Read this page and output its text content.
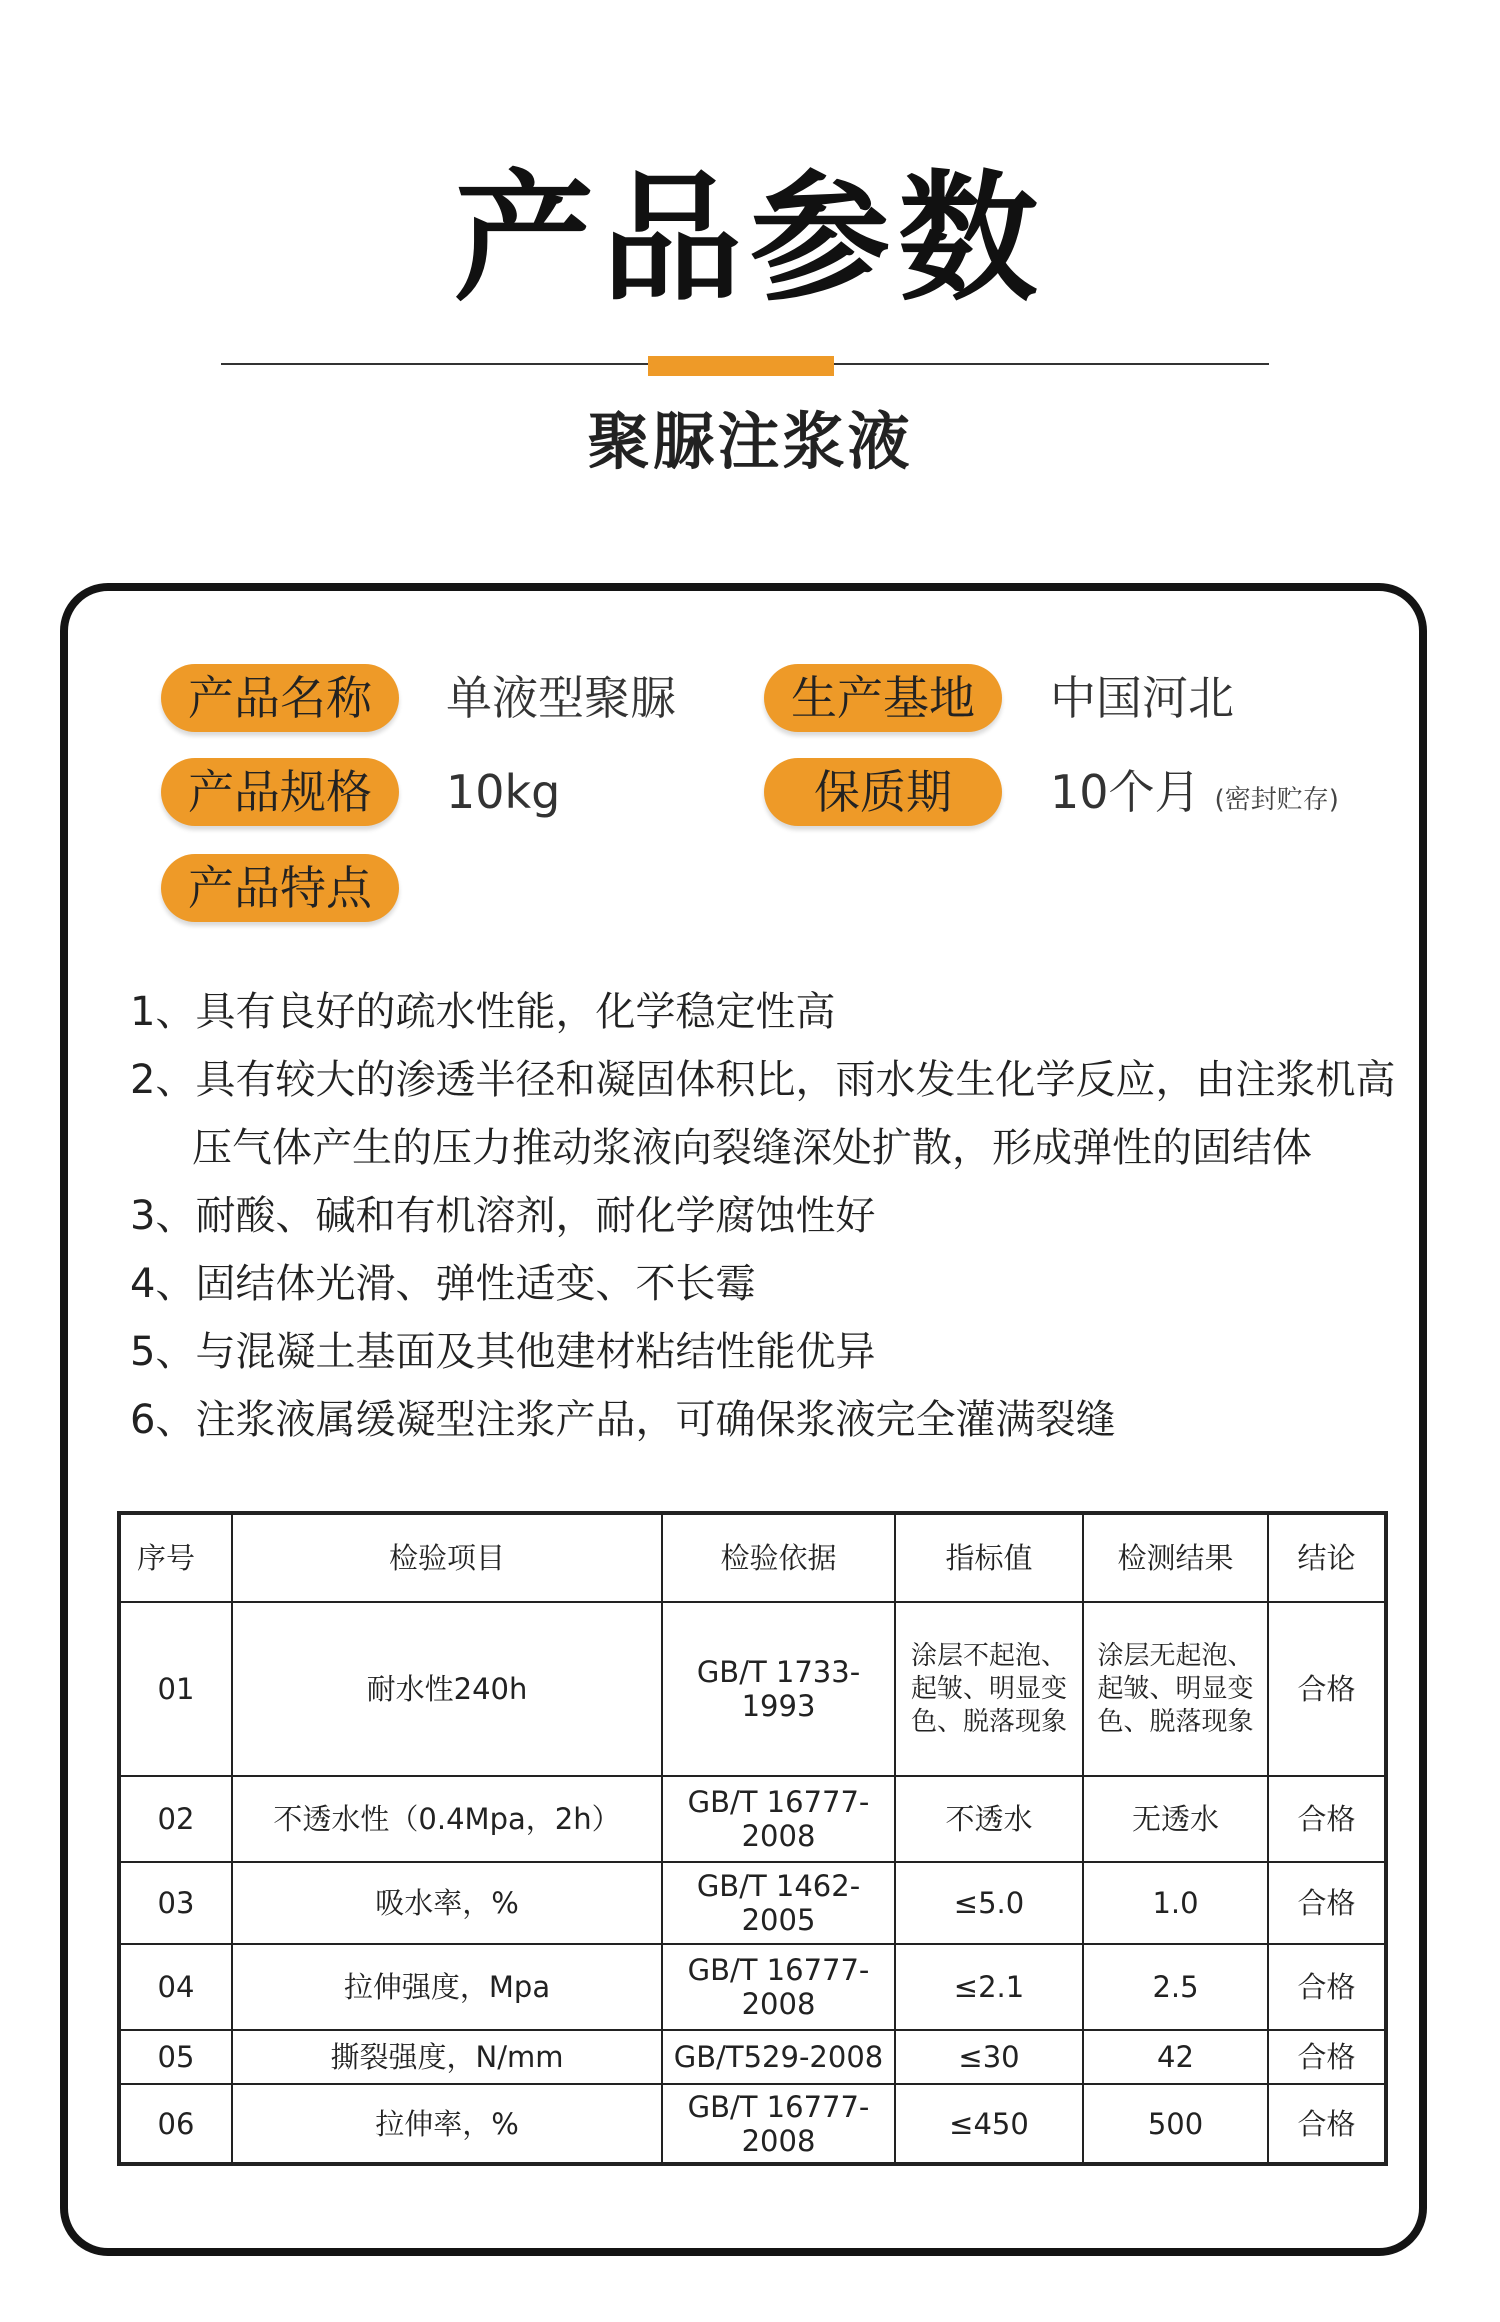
产品参数
聚脲注浆液
产品名称	单液型聚脲	生产基地	中国河北
产品规格	10kg	保质期	10个月 (密封贮存)
产品特点
1、具有良好的疏水性能，化学稳定性高
2、具有较大的渗透半径和凝固体积比，雨水发生化学反应，由注浆机高压气体产生的压力推动浆液向裂缝深处扩散，形成弹性的固结体
3、耐酸、碱和有机溶剂，耐化学腐蚀性好
4、固结体光滑、弹性适变、不长霉
5、与混凝土基面及其他建材粘结性能优异
6、注浆液属缓凝型注浆产品，可确保浆液完全灌满裂缝
序号	检验项目	检验依据	指标值	检测结果	结论
01	耐水性240h	GB/T 1733-1993	涂层不起泡、起皱、明显变色、脱落现象	涂层无起泡、起皱、明显变色、脱落现象	合格
02	不透水性（0.4Mpa，2h）	GB/T 16777-2008	不透水	无透水	合格
03	吸水率，%	GB/T 1462-2005	≤5.0	1.0	合格
04	拉伸强度，Mpa	GB/T 16777-2008	≤2.1	2.5	合格
05	撕裂强度，N/mm	GB/T529-2008	≤30	42	合格
06	拉伸率，%	GB/T 16777-2008	≤450	500	合格
